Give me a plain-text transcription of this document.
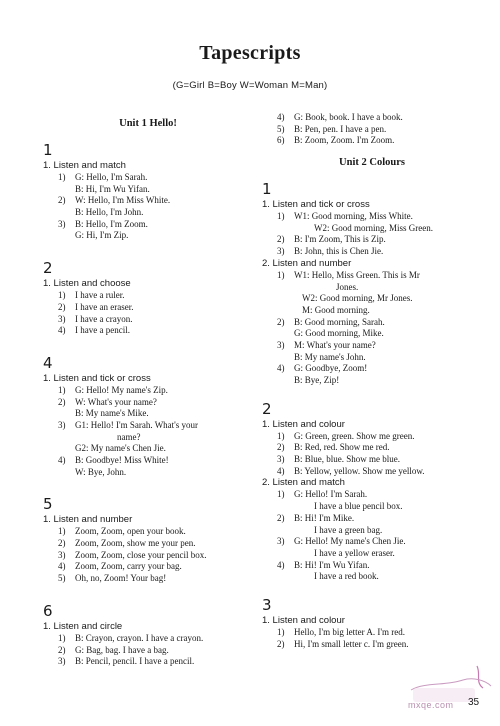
Tapescripts
(G=Girl B=Boy W=Woman M=Man)
Unit 1 Hello!
1
1. Listen and match
1) G: Hello, I'm Sarah.
B: Hi, I'm Wu Yifan.
2) W: Hello, I'm Miss White.
B: Hello, I'm John.
3) B: Hello, I'm Zoom.
G: Hi, I'm Zip.
2
1. Listen and choose
1) I have a ruler.
2) I have an eraser.
3) I have a crayon.
4) I have a pencil.
4
1. Listen and tick or cross
1) G: Hello! My name's Zip.
2) W: What's your name?
B: My name's Mike.
3) G1: Hello! I'm Sarah. What's your
name?
G2: My name's Chen Jie.
4) B: Goodbye! Miss White!
W: Bye, John.
5
1. Listen and number
1) Zoom, Zoom, open your book.
2) Zoom, Zoom, show me your pen.
3) Zoom, Zoom, close your pencil box.
4) Zoom, Zoom, carry your bag.
5) Oh, no, Zoom! Your bag!
6
1. Listen and circle
1) B: Crayon, crayon. I have a crayon.
2) G: Bag, bag. I have a bag.
3) B: Pencil, pencil. I have a pencil.
4) G: Book, book. I have a book.
5) B: Pen, pen. I have a pen.
6) B: Zoom, Zoom. I'm Zoom.
Unit 2 Colours
1
1. Listen and tick or cross
1) W1: Good morning, Miss White.
W2: Good morning, Miss Green.
2) B: I'm Zoom, This is Zip.
3) B: John, this is Chen Jie.
2. Listen and number
1) W1: Hello, Miss Green. This is Mr
Jones.
W2: Good morning, Mr Jones.
M: Good morning.
2) B: Good morning, Sarah.
G: Good morning, Mike.
3) M: What's your name?
B: My name's John.
4) G: Goodbye, Zoom!
B: Bye, Zip!
2
1. Listen and colour
1) G: Green, green. Show me green.
2) B: Red, red. Show me red.
3) B: Blue, blue. Show me blue.
4) B: Yellow, yellow. Show me yellow.
2. Listen and match
1) G: Hello! I'm Sarah.
I have a blue pencil box.
2) B: Hi! I'm Mike.
I have a green bag.
3) G: Hello! My name's Chen Jie.
I have a yellow eraser.
4) B: Hi! I'm Wu Yifan.
I have a red book.
3
1. Listen and colour
1) Hello, I'm big letter A. I'm red.
2) Hi, I'm small letter c. I'm green.
mxqe.com 35
